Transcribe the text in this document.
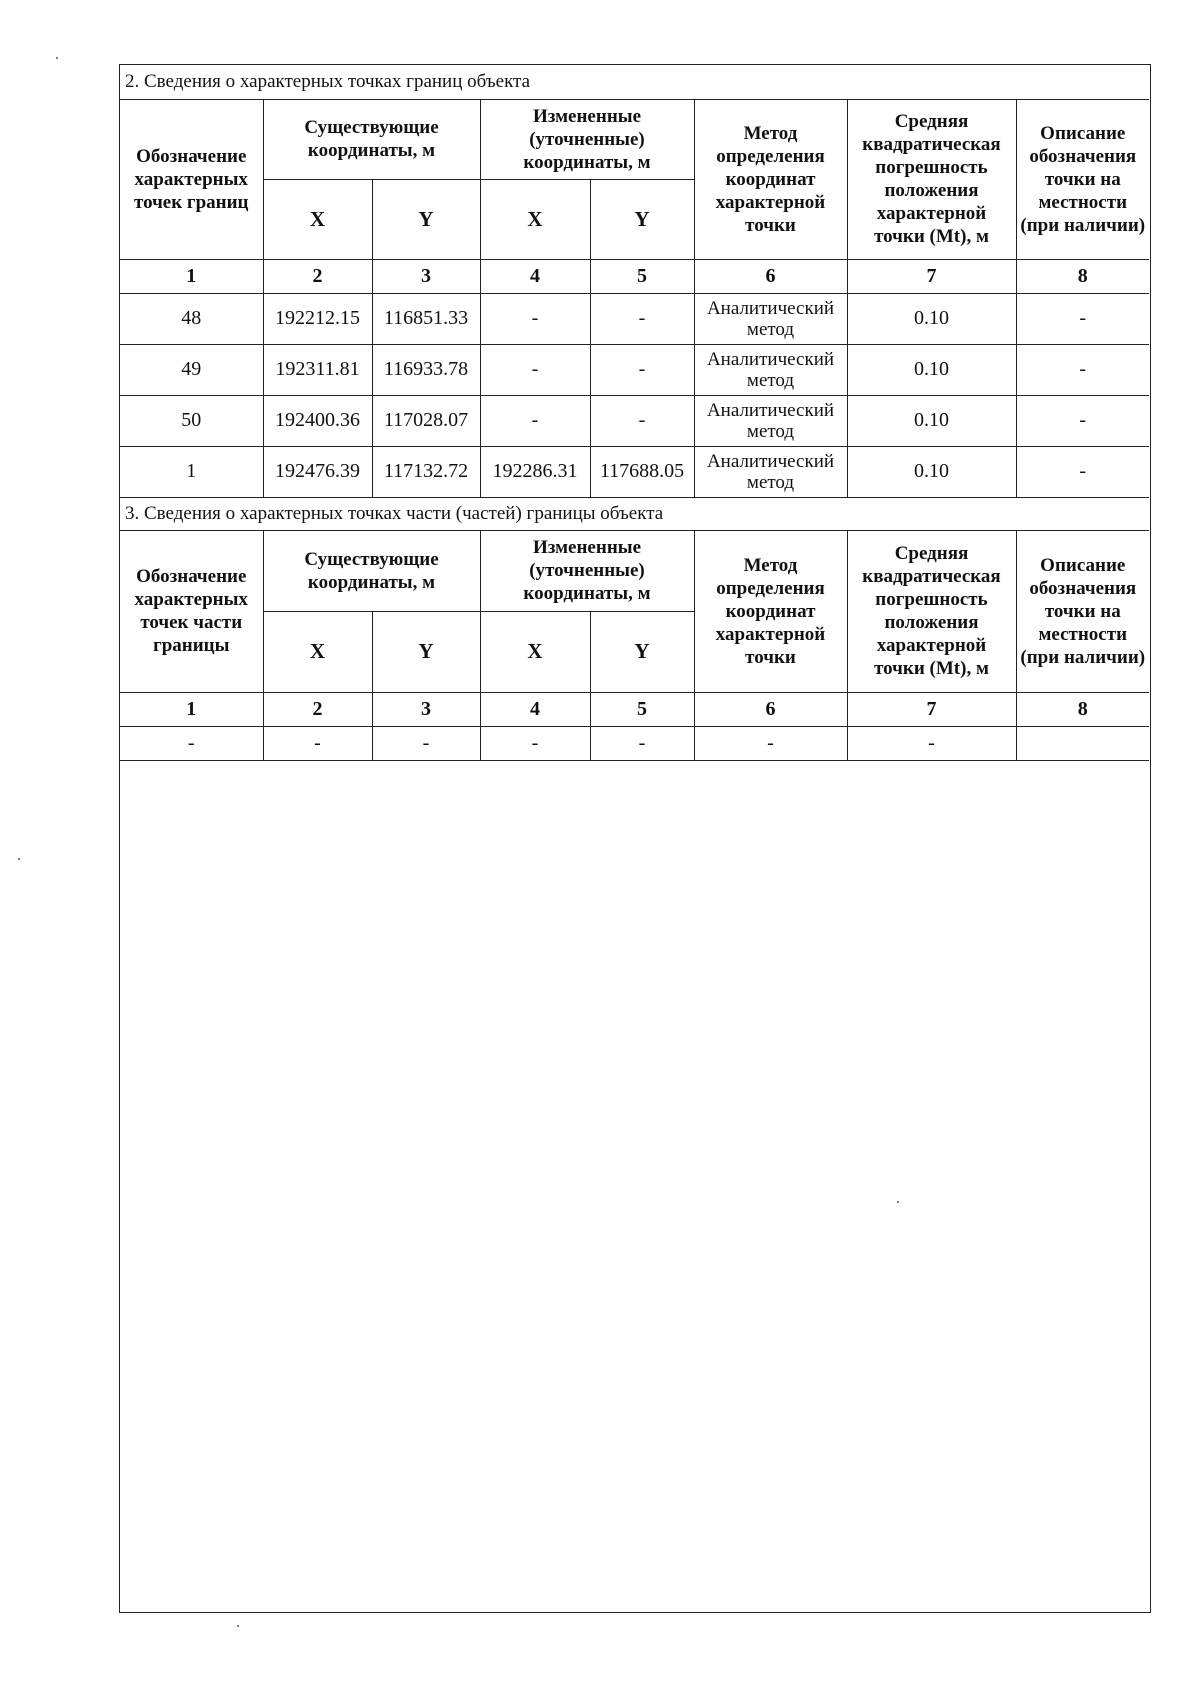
2. Сведения о характерных точках границ объекта							
Обозначение характерных точек границ	Существующие координаты, м		Измененные (уточненные) координаты, м		Метод определения координат характерной точки	Средняя квадратическая погрешность положения характерной точки (Mt), м	Описание обозначения точки на местности (при наличии)
	X	Y	X	Y			
1	2	3	4	5	6	7	8
48	192212.15	116851.33	-	-	Аналитический метод	0.10	-
49	192311.81	116933.78	-	-	Аналитический метод	0.10	-
50	192400.36	117028.07	-	-	Аналитический метод	0.10	-
1	192476.39	117132.72	192286.31	117688.05	Аналитический метод	0.10	-
3. Сведения о характерных точках части (частей) границы объекта							
Обозначение характерных точек части границы	Существующие координаты, м		Измененные (уточненные) координаты, м		Метод определения координат характерной точки	Средняя квадратическая погрешность положения характерной точки (Mt), м	Описание обозначения точки на местности (при наличии)
	X	Y	X	Y			
1	2	3	4	5	6	7	8
-	-	-	-	-	-	-	
